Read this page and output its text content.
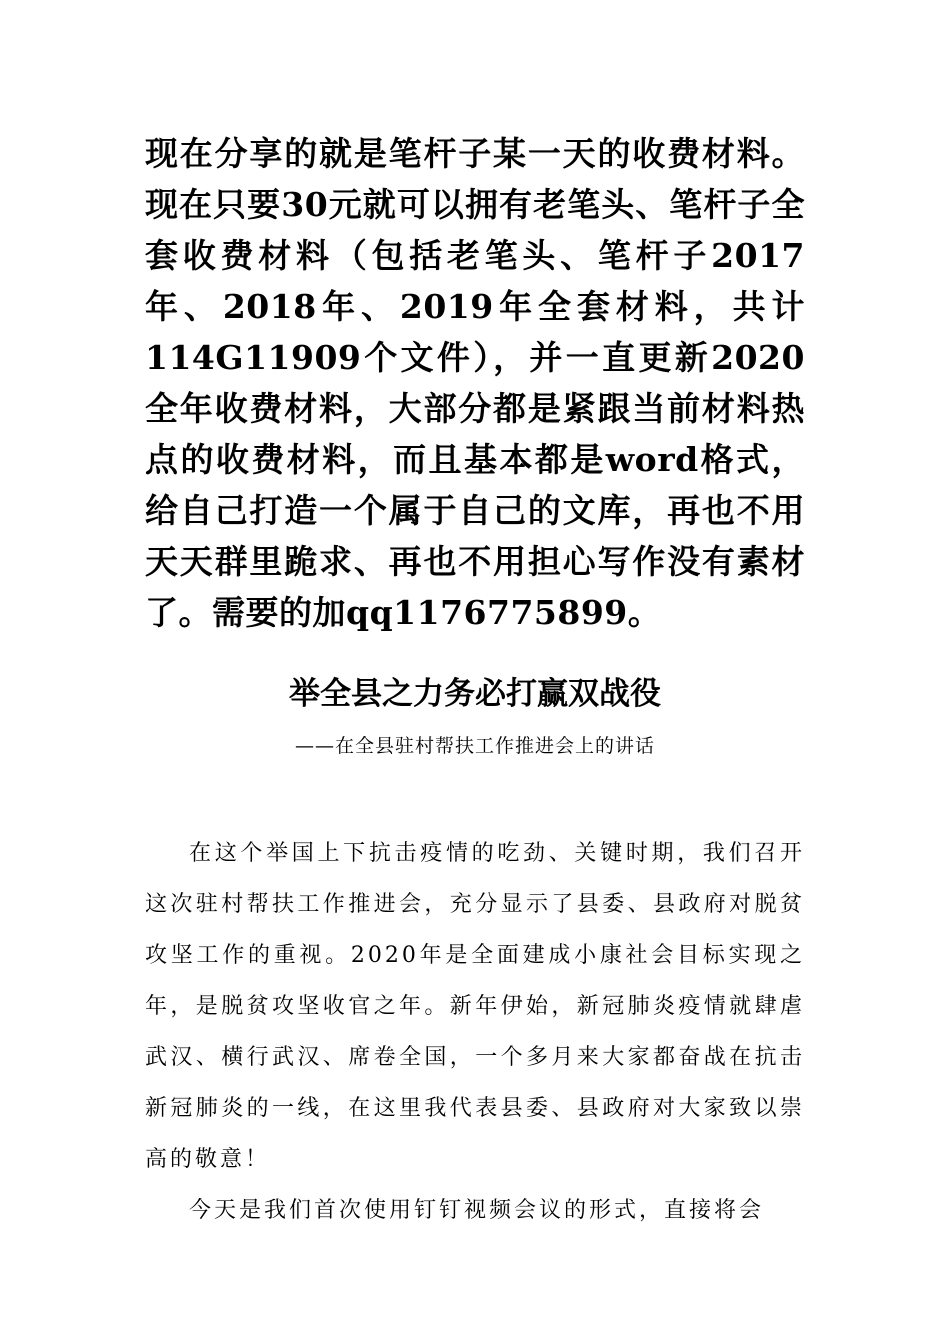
现在分享的就是笔杆子某一天的收费材料。现在只要30元就可以拥有老笔头、笔杆子全套收费材料（包括老笔头、笔杆子2017年、2018年、2019年全套材料，共计114G11909个文件），并一直更新2020全年收费材料，大部分都是紧跟当前材料热点的收费材料，而且基本都是word格式，给自己打造一个属于自己的文库，再也不用天天群里跪求、再也不用担心写作没有素材了。需要的加qq1176775899。

举全县之力务必打赢双战役
——在全县驻村帮扶工作推进会上的讲话

在这个举国上下抗击疫情的吃劲、关键时期，我们召开这次驻村帮扶工作推进会，充分显示了县委、县政府对脱贫攻坚工作的重视。2020年是全面建成小康社会目标实现之年，是脱贫攻坚收官之年。新年伊始，新冠肺炎疫情就肆虐武汉、横行武汉、席卷全国，一个多月来大家都奋战在抗击新冠肺炎的一线，在这里我代表县委、县政府对大家致以崇高的敬意！

今天是我们首次使用钉钉视频会议的形式，直接将会
